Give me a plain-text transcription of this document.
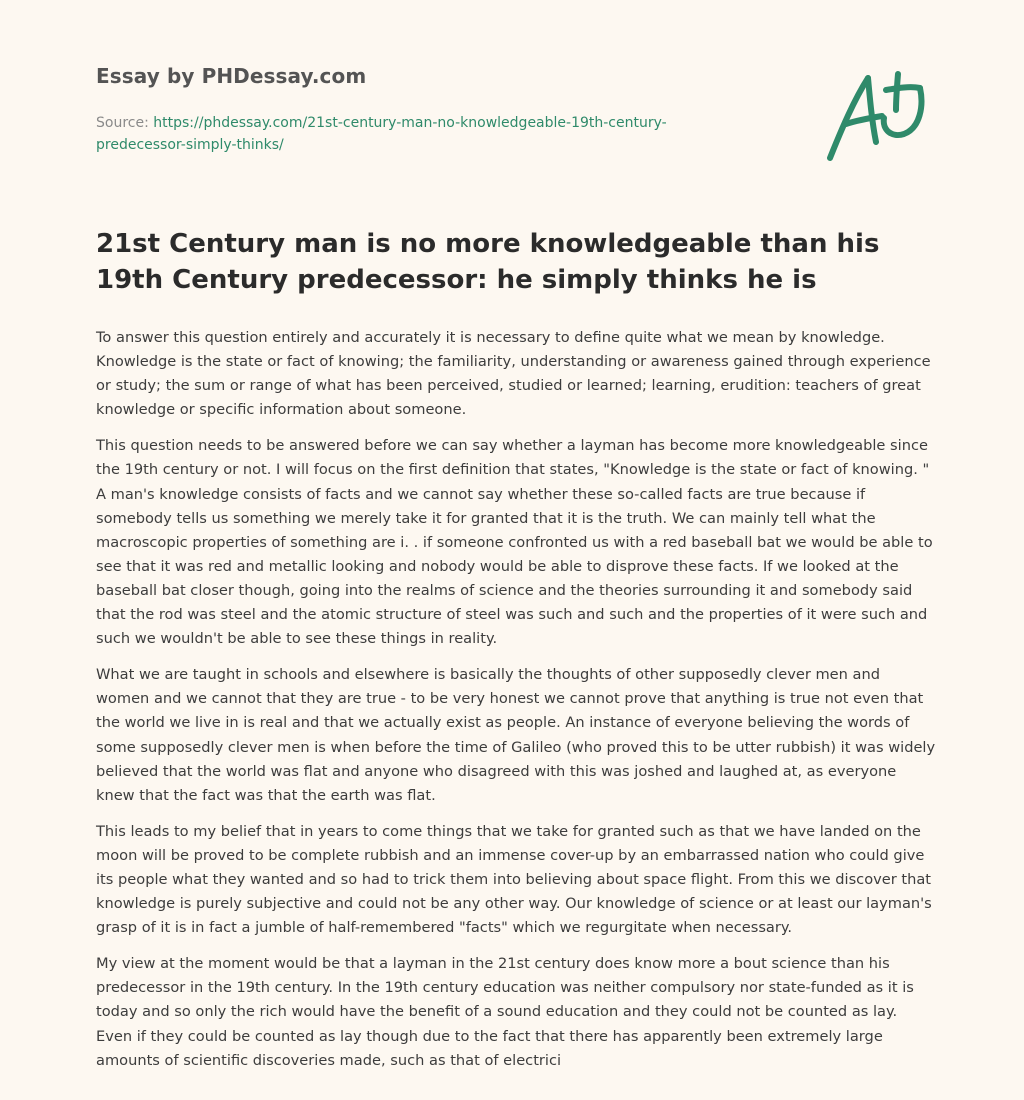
Essay by PHDessay.com
Source: https://phdessay.com/21st-century-man-no-knowledgeable-19th-century-predecessor-simply-thinks/
21st Century man is no more knowledgeable than his 19th Century predecessor: he simply thinks he is

To answer this question entirely and accurately it is necessary to define quite what we mean by knowledge. Knowledge is the state or fact of knowing; the familiarity, understanding or awareness gained through experience or study; the sum or range of what has been perceived, studied or learned; learning, erudition: teachers of great knowledge or specific information about someone.

This question needs to be answered before we can say whether a layman has become more knowledgeable since the 19th century or not. I will focus on the first definition that states, "Knowledge is the state or fact of knowing. " A man's knowledge consists of facts and we cannot say whether these so-called facts are true because if somebody tells us something we merely take it for granted that it is the truth. We can mainly tell what the macroscopic properties of something are i. . if someone confronted us with a red baseball bat we would be able to see that it was red and metallic looking and nobody would be able to disprove these facts. If we looked at the baseball bat closer though, going into the realms of science and the theories surrounding it and somebody said that the rod was steel and the atomic structure of steel was such and such and the properties of it were such and such we wouldn't be able to see these things in reality.

What we are taught in schools and elsewhere is basically the thoughts of other supposedly clever men and women and we cannot that they are true - to be very honest we cannot prove that anything is true not even that the world we live in is real and that we actually exist as people. An instance of everyone believing the words of some supposedly clever men is when before the time of Galileo (who proved this to be utter rubbish) it was widely believed that the world was flat and anyone who disagreed with this was joshed and laughed at, as everyone knew that the fact was that the earth was flat.

This leads to my belief that in years to come things that we take for granted such as that we have landed on the moon will be proved to be complete rubbish and an immense cover-up by an embarrassed nation who could give its people what they wanted and so had to trick them into believing about space flight. From this we discover that knowledge is purely subjective and could not be any other way. Our knowledge of science or at least our layman's grasp of it is in fact a jumble of half-remembered "facts" which we regurgitate when necessary.

My view at the moment would be that a layman in the 21st century does know more a bout science than his predecessor in the 19th century. In the 19th century education was neither compulsory nor state-funded as it is today and so only the rich would have the benefit of a sound education and they could not be counted as lay. Even if they could be counted as lay though due to the fact that there has apparently been extremely large amounts of scientific discoveries made, such as that of electrici
